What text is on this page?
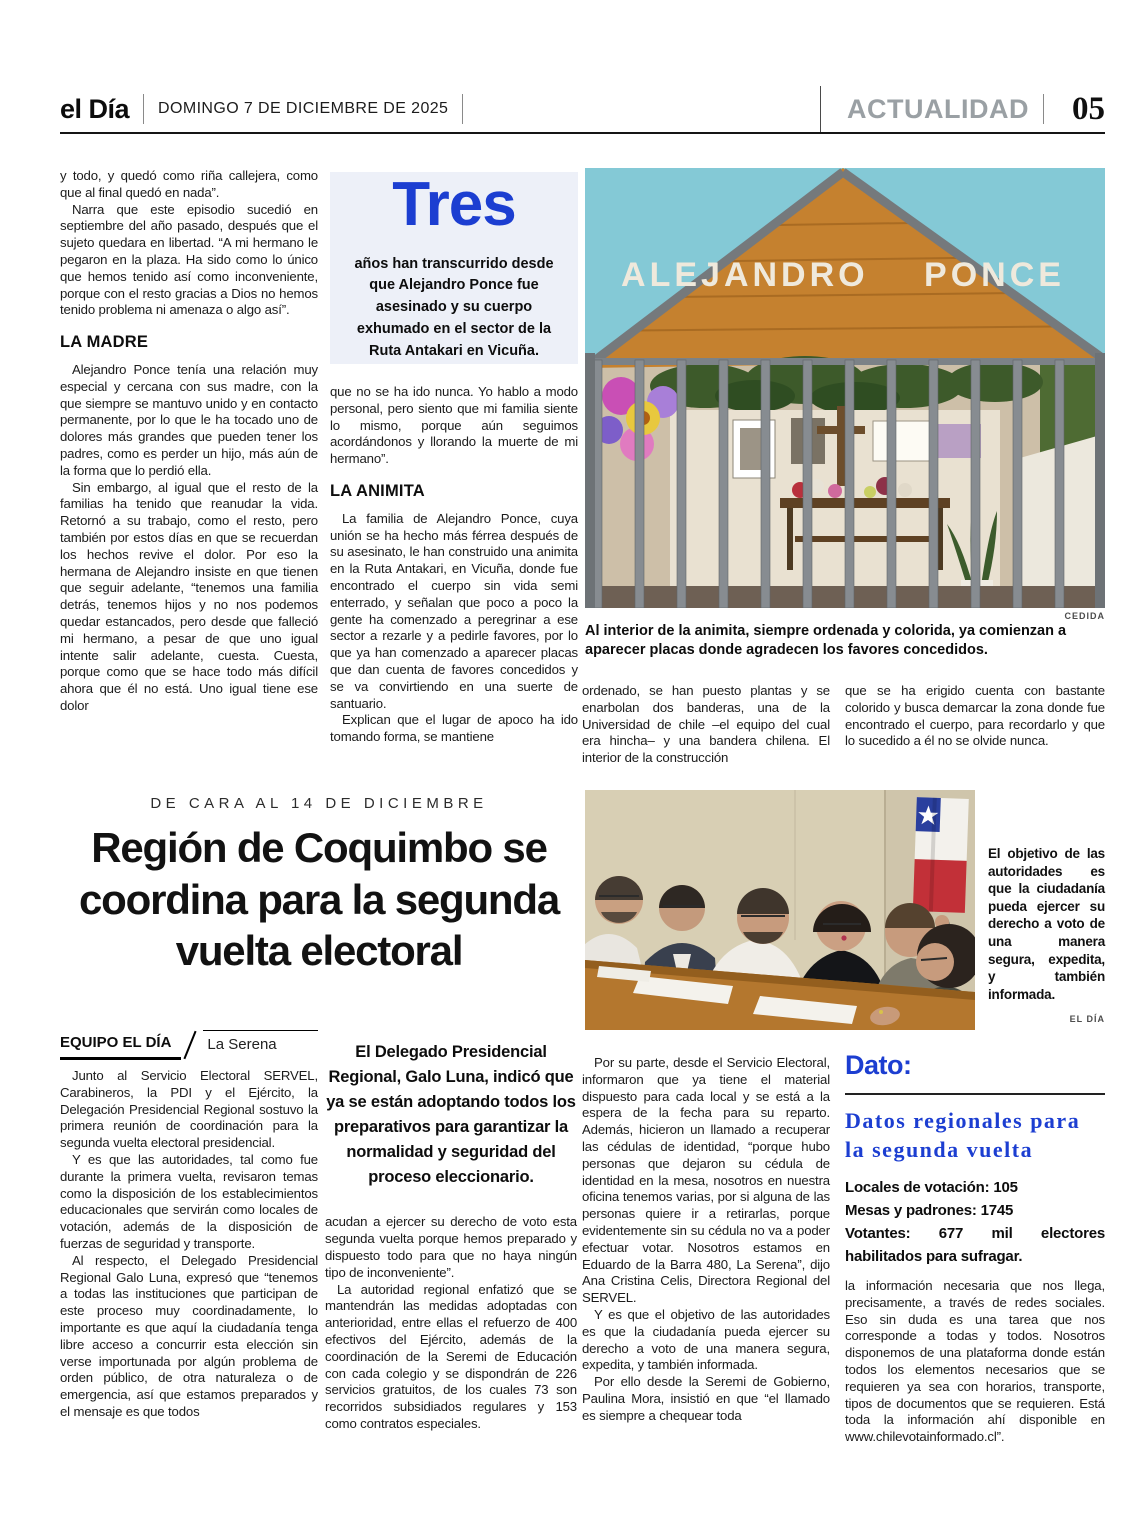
el Día DOMINGO 7 DE DICIEMBRE DE 2025	ACTUALIDAD 05

y todo, y quedó como riña callejera, como que al final quedó en nada”.

Narra que este episodio sucedió en septiembre del año pasado, después que el sujeto quedara en libertad. “A mi hermano le pegaron en la plaza. Ha sido como lo único que hemos tenido así como inconveniente, porque con el resto gracias a Dios no hemos tenido problema ni amenaza o algo así”.

LA MADRE

Alejandro Ponce tenía una relación muy especial y cercana con sus madre, con la que siempre se mantuvo unido y en contacto permanente, por lo que le ha tocado uno de dolores más grandes que pueden tener los padres, como es perder un hijo, más aún de la forma que lo perdió ella.

Sin embargo, al igual que el resto de la familias ha tenido que reanudar la vida. Retornó a su trabajo, como el resto, pero también por estos días en que se recuerdan los hechos revive el dolor. Por eso la hermana de Alejandro insiste en que tienen que seguir adelante, “tenemos una familia detrás, tenemos hijos y no nos podemos quedar estancados, pero desde que falleció mi hermano, a pesar de que uno igual intente salir adelante, cuesta. Cuesta, porque como que se hace todo más difícil ahora que él no está. Uno igual tiene ese dolor

Tres
años han transcurrido desde que Alejandro Ponce fue asesinado y su cuerpo exhumado en el sector de la Ruta Antakari en Vicuña.

que no se ha ido nunca. Yo hablo a modo personal, pero siento que mi familia siente lo mismo, porque aún seguimos acordándonos y llorando la muerte de mi hermano”.

LA ANIMITA

La familia de Alejandro Ponce, cuya unión se ha hecho más férrea después de su asesinato, le han construido una animita en la Ruta Antakari, en Vicuña, donde fue encontrado el cuerpo sin vida semi enterrado, y señalan que poco a poco la gente ha comenzado a peregrinar a ese sector a rezarle y a pedirle favores, por lo que ya han comenzado a aparecer placas que dan cuenta de favores concedidos y se va convirtiendo en una suerte de santuario.

Explican que el lugar de apoco ha ido tomando forma, se mantiene

ALEJANDRO PONCE
CEDIDA
Al interior de la animita, siempre ordenada y colorida, ya comienzan a aparecer placas donde agradecen los favores concedidos.

ordenado, se han puesto plantas y se enarbolan dos banderas, una de la Universidad de chile –el equipo del cual era hincha– y una bandera chilena. El interior de la construcción

que se ha erigido cuenta con bastante colorido y busca demarcar la zona donde fue encontrado el cuerpo, para recordarlo y que lo sucedido a él no se olvide nunca.

DE CARA AL 14 DE DICIEMBRE
Región de Coquimbo se coordina para la segunda vuelta electoral
El objetivo de las autoridades es que la ciudadanía pueda ejercer su derecho a voto de una manera segura, expedita, y también informada.
EL DÍA
EQUIPO EL DÍA	La Serena

Junto al Servicio Electoral SERVEL, Carabineros, la PDI y el Ejército, la Delegación Presidencial Regional sostuvo la primera reunión de coordinación para la segunda vuelta electoral presidencial.

Y es que las autoridades, tal como fue durante la primera vuelta, revisaron temas como la disposición de los establecimientos educacionales que servirán como locales de votación, además de la disposición de fuerzas de seguridad y transporte.

Al respecto, el Delegado Presidencial Regional Galo Luna, expresó que “tenemos a todas las instituciones que participan de este proceso muy coordinadamente, lo importante es que aquí la ciudadanía tenga libre acceso a concurrir esta elección sin verse importunada por algún problema de orden público, de otra naturaleza o de emergencia, así que estamos preparados y el mensaje es que todos

El Delegado Presidencial Regional, Galo Luna, indicó que ya se están adoptando todos los preparativos para garantizar la normalidad y seguridad del proceso eleccionario.

acudan a ejercer su derecho de voto esta segunda vuelta porque hemos preparado y dispuesto todo para que no haya ningún tipo de inconveniente”.

La autoridad regional enfatizó que se mantendrán las medidas adoptadas con anterioridad, entre ellas el refuerzo de 400 efectivos del Ejército, además de la coordinación de la Seremi de Educación con cada colegio y se dispondrán de 226 servicios gratuitos, de los cuales 73 son recorridos subsidiados regulares y 153 como contratos especiales.

Por su parte, desde el Servicio Electoral, informaron que ya tiene el material dispuesto para cada local y se está a la espera de la fecha para su reparto. Además, hicieron un llamado a recuperar las cédulas de identidad, “porque hubo personas que dejaron su cédula de identidad en la mesa, nosotros en nuestra oficina tenemos varias, por si alguna de las personas quiere ir a retirarlas, porque evidentemente sin su cédula no va a poder efectuar votar. Nosotros estamos en Eduardo de la Barra 480, La Serena”, dijo Ana Cristina Celis, Directora Regional del SERVEL.

Y es que el objetivo de las autoridades es que la ciudadanía pueda ejercer su derecho a voto de una manera segura, expedita, y también informada.

Por ello desde la Seremi de Gobierno, Paulina Mora, insistió en que “el llamado es siempre a chequear toda

Dato:
Datos regionales para la segunda vuelta
Locales de votación: 105
Mesas y padrones: 1745
Votantes: 677 mil electores habilitados para sufragar.

la información necesaria que nos llega, precisamente, a través de redes sociales. Eso sin duda es una tarea que nos corresponde a todas y todos. Nosotros disponemos de una plataforma donde están todos los elementos necesarios que se requieren ya sea con horarios, transporte, tipos de documentos que se requieren. Está toda la información ahí disponible en www.chilevotainformado.cl”.
